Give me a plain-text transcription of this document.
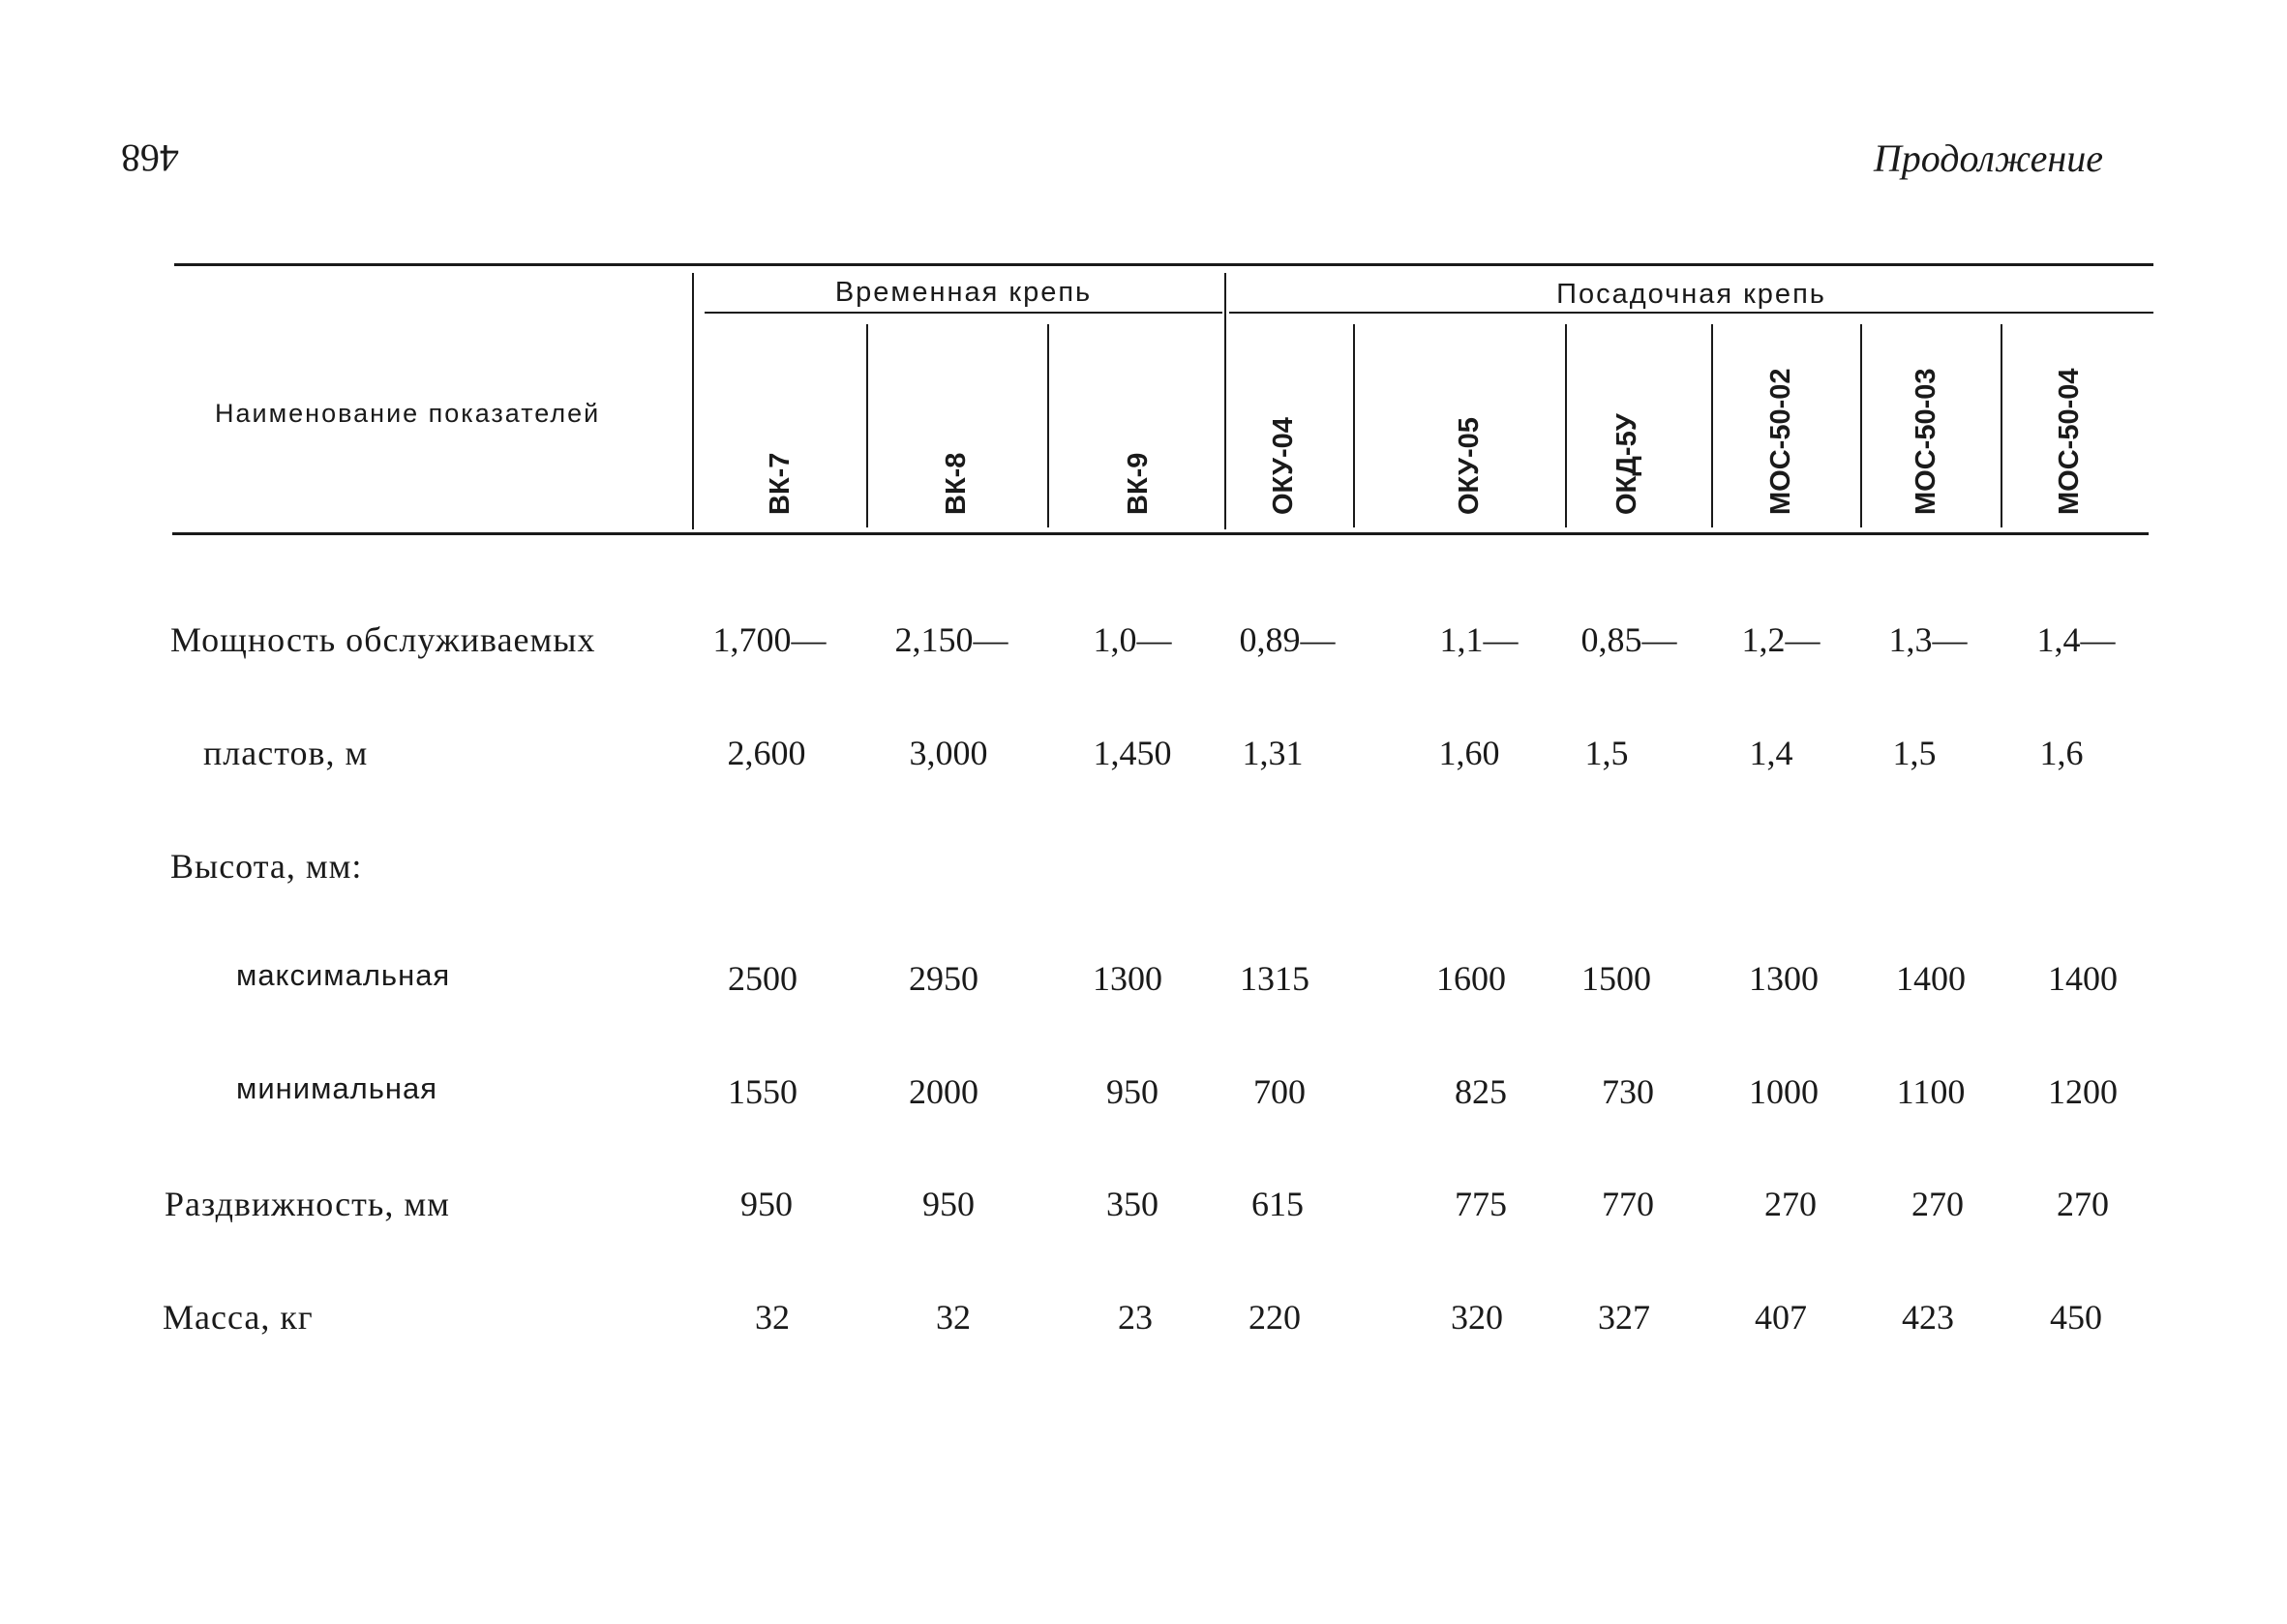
468	Продолжение
Наименование показателей
Временная крепь	Посадочная крепь
ВК-7	ВК-8	ВК-9	ОКУ-04	ОКУ-05	ОКД-5У	МОС-50-02	МОС-50-03	МОС-50-04
Мощность обслуживаемых	1,700—	2,150—	1,0—	0,89—	1,1—	0,85—	1,2—	1,3—	1,4—
пластов, м	2,600	3,000	1,450	1,31	1,60	1,5	1,4	1,5	1,6
Высота, мм:
максимальная	2500	2950	1300	1315	1600	1500	1300	1400	1400
минимальная	1550	2000	950	700	825	730	1000	1100	1200
Раздвижность, мм	950	950	350	615	775	770	270	270	270
Масса, кг	32	32	23	220	320	327	407	423	450
